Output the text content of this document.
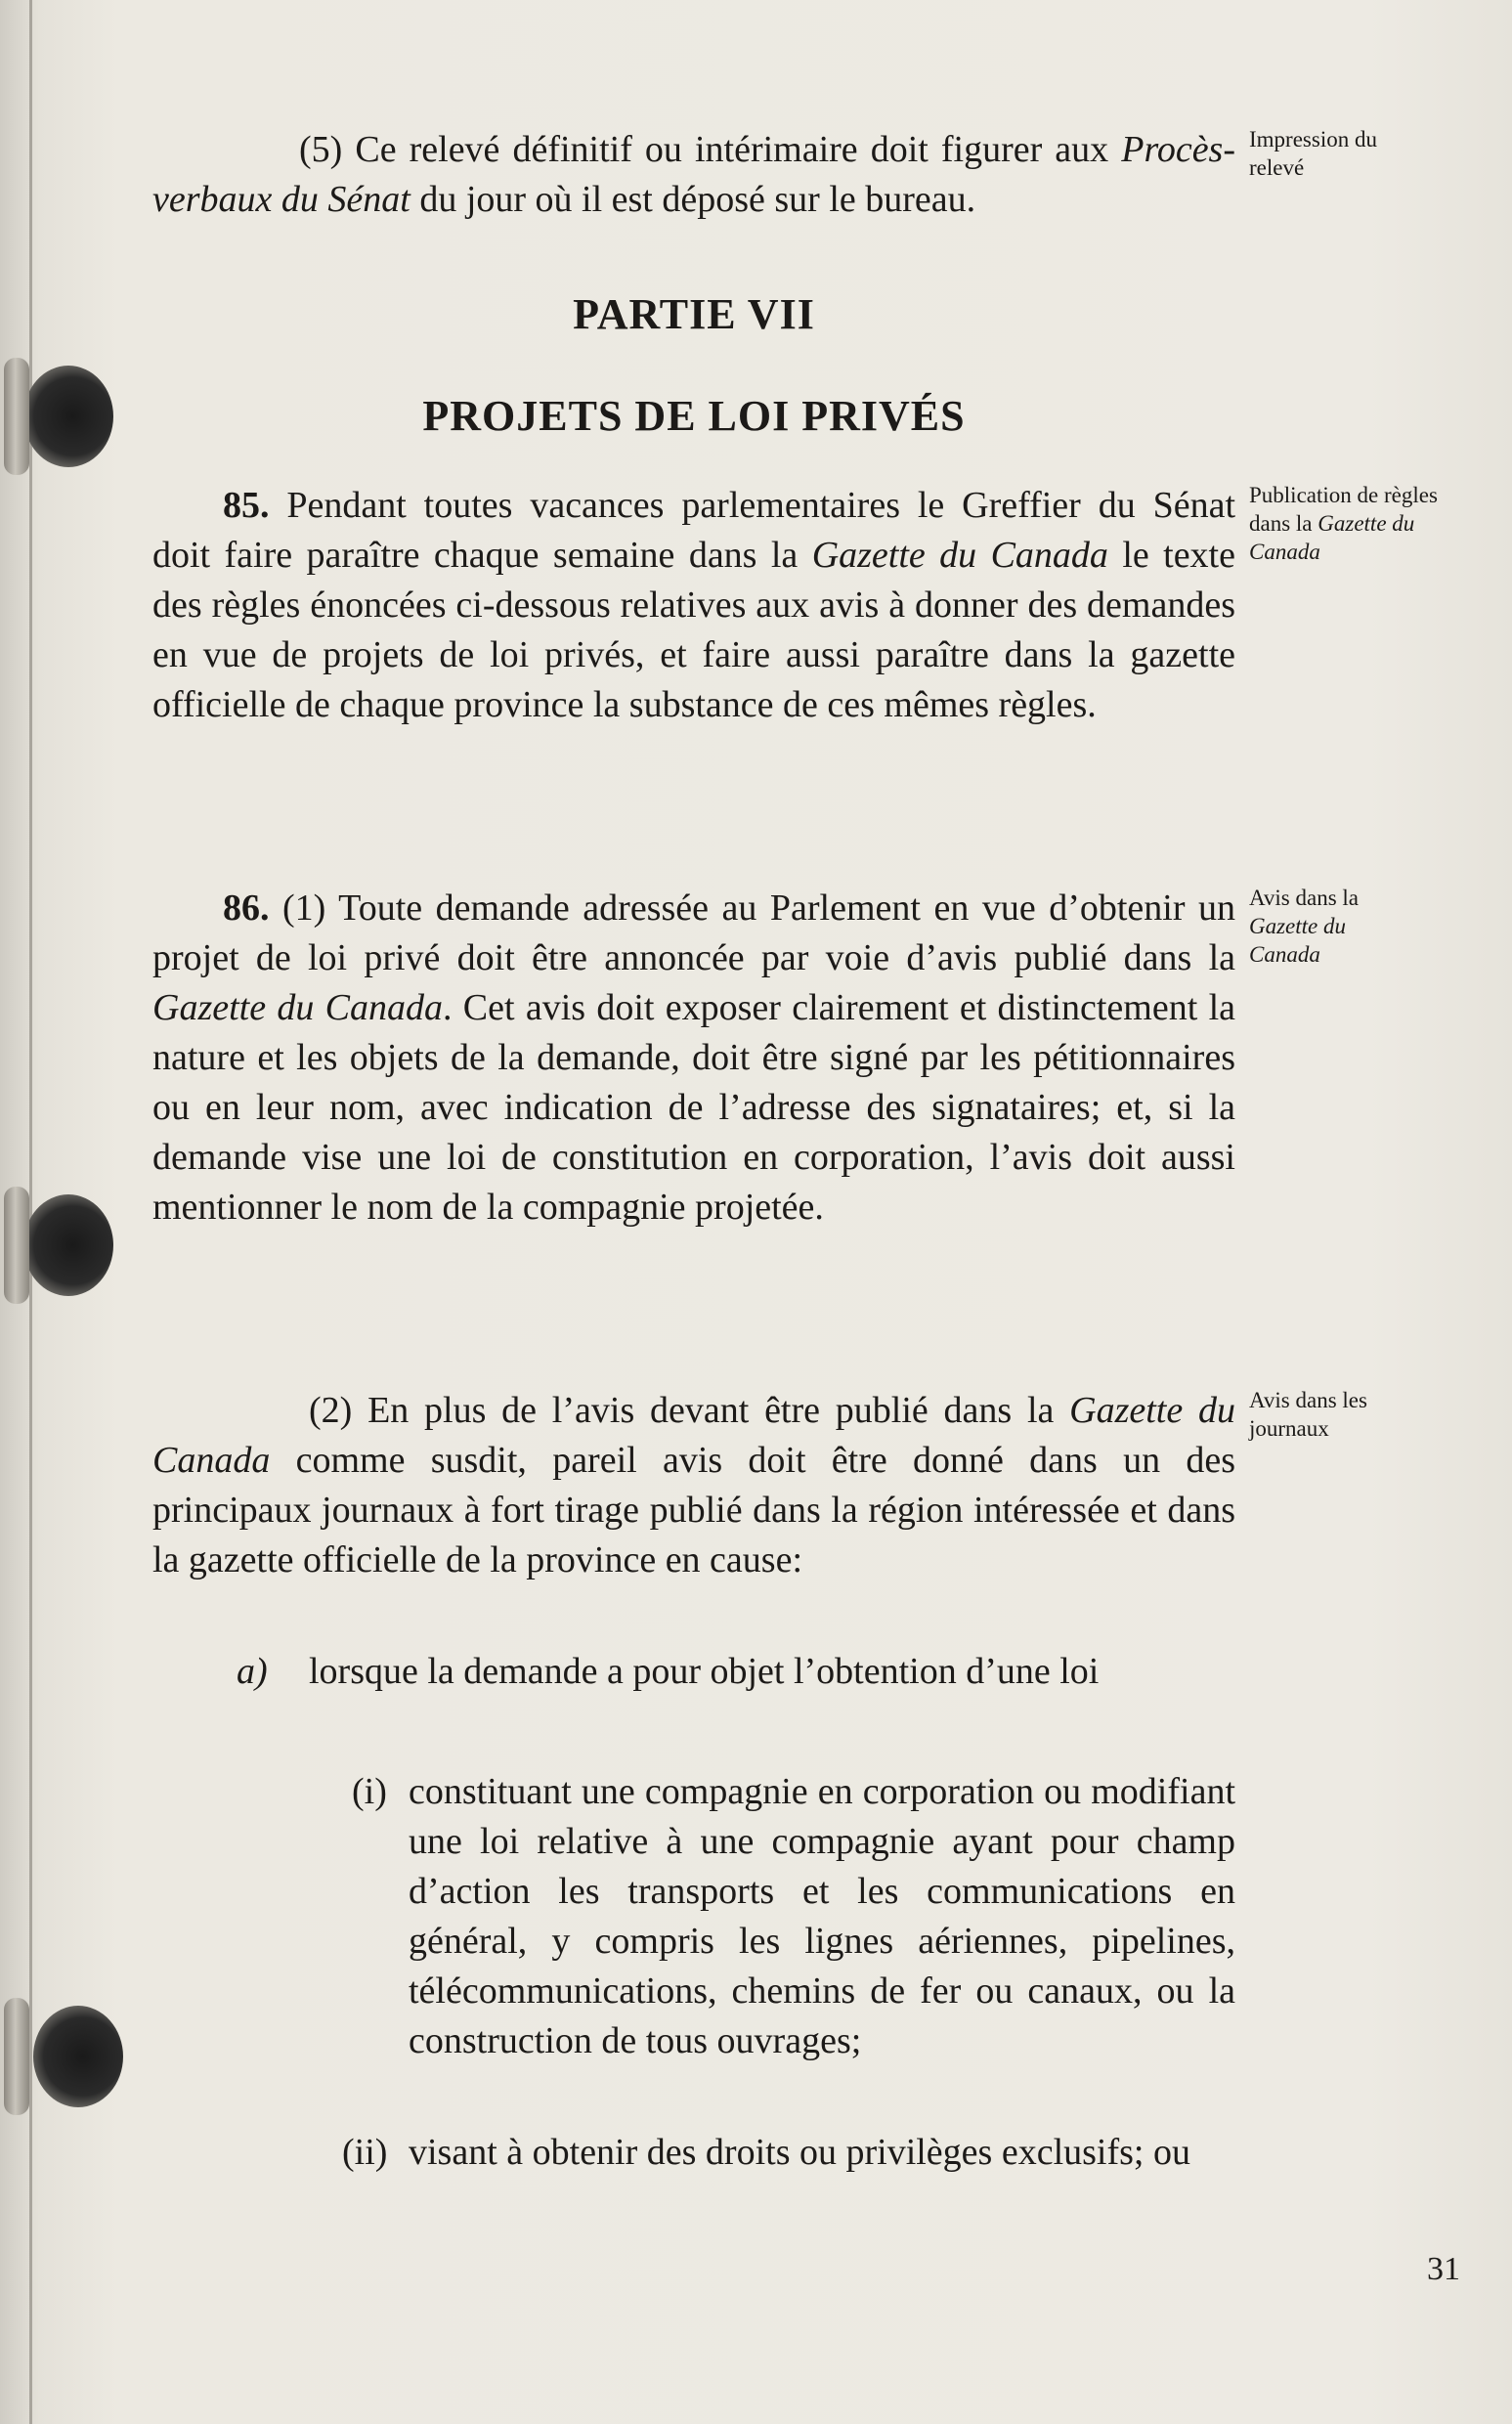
(5) Ce relevé définitif ou intérimaire doit figurer aux Procès-verbaux du Sénat du jour où il est déposé sur le bureau.

Impression du relevé
PARTIE VII
PROJETS DE LOI PRIVÉS

85. Pendant toutes vacances parlementaires le Greffier du Sénat doit faire paraître chaque semaine dans la Gazette du Canada le texte des règles énoncées ci-dessous relatives aux avis à donner des demandes en vue de projets de loi privés, et faire aussi paraître dans la gazette officielle de chaque province la substance de ces mêmes règles.

Publication de règles dans la Gazette du Canada

86. (1) Toute demande adressée au Parlement en vue d’obtenir un projet de loi privé doit être annoncée par voie d’avis publié dans la Gazette du Canada. Cet avis doit exposer clairement et distinctement la nature et les objets de la demande, doit être signé par les pétitionnaires ou en leur nom, avec indication de l’adresse des signataires; et, si la demande vise une loi de constitution en corporation, l’avis doit aussi mentionner le nom de la compagnie projetée.

Avis dans la Gazette du Canada

(2) En plus de l’avis devant être publié dans la Gazette du Canada comme susdit, pareil avis doit être donné dans un des principaux journaux à fort tirage publié dans la région intéressée et dans la gazette officielle de la province en cause:

Avis dans les journaux
a) lorsque la demande a pour objet l’obtention d’une loi
(i) constituant une compagnie en corporation ou modifiant une loi relative à une compagnie ayant pour champ d’action les transports et les communications en général, y compris les lignes aériennes, pipelines, télécommunications, chemins de fer ou canaux, ou la construction de tous ouvrages;
(ii) visant à obtenir des droits ou privilèges exclusifs; ou
31
